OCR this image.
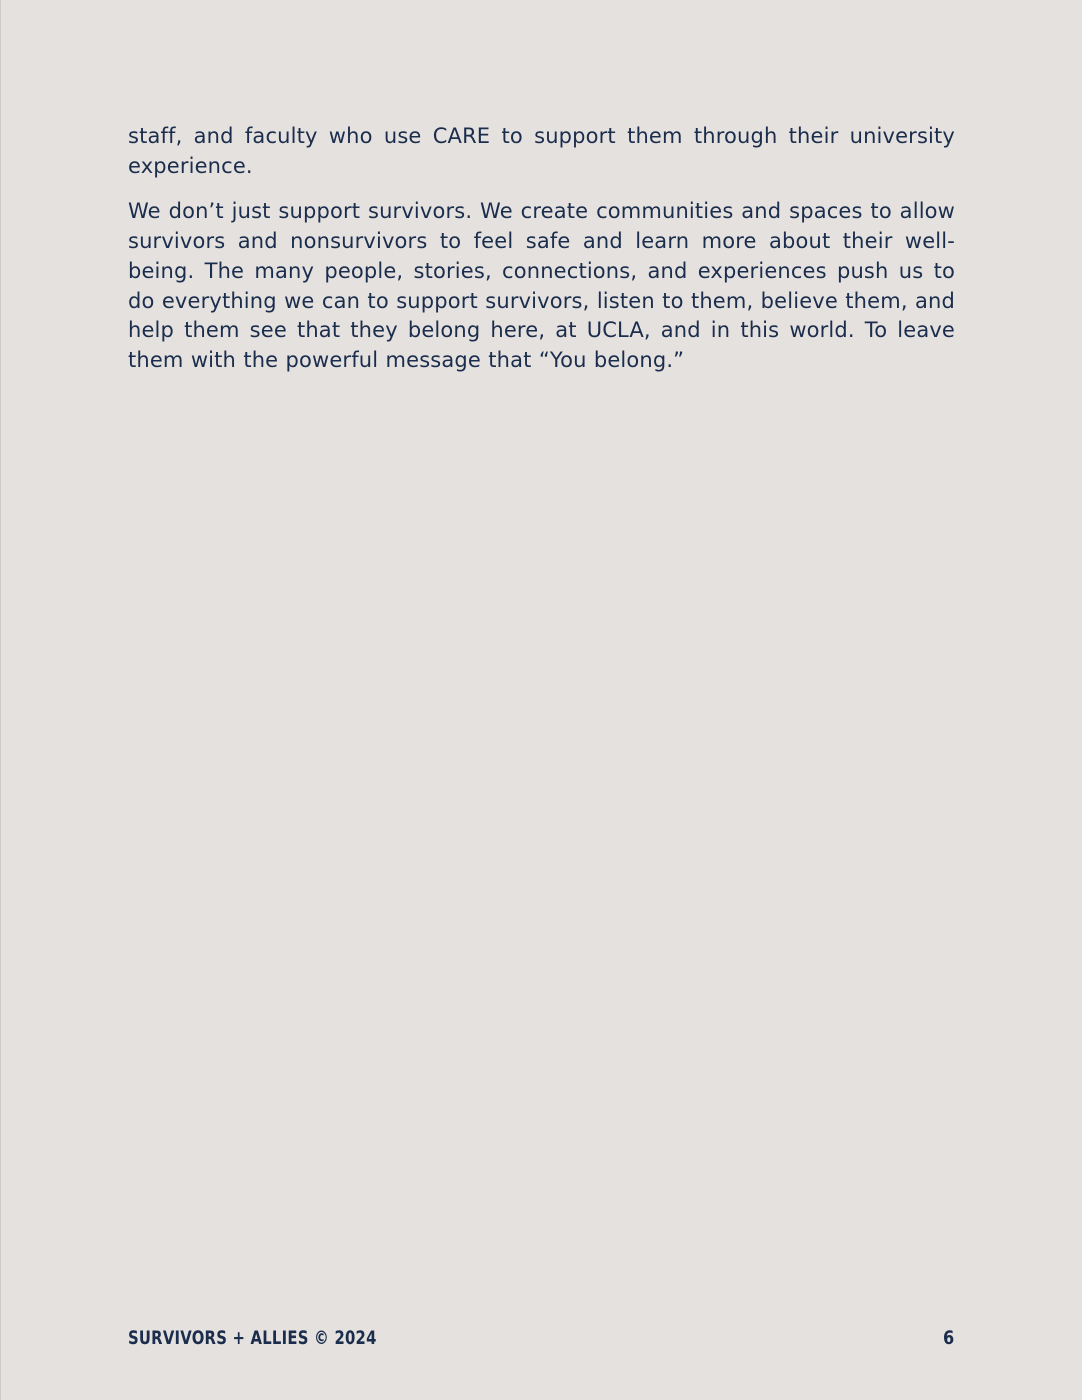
staff, and faculty who use CARE to support them through their university experience.

We don’t just support survivors. We create communities and spaces to allow survivors and nonsurvivors to feel safe and learn more about their well-being. The many people, stories, connections, and experiences push us to do everything we can to support survivors, listen to them, believe them, and help them see that they belong here, at UCLA, and in this world. To leave them with the powerful message that “You belong.”

SURVIVORS + ALLIES © 2024	6
